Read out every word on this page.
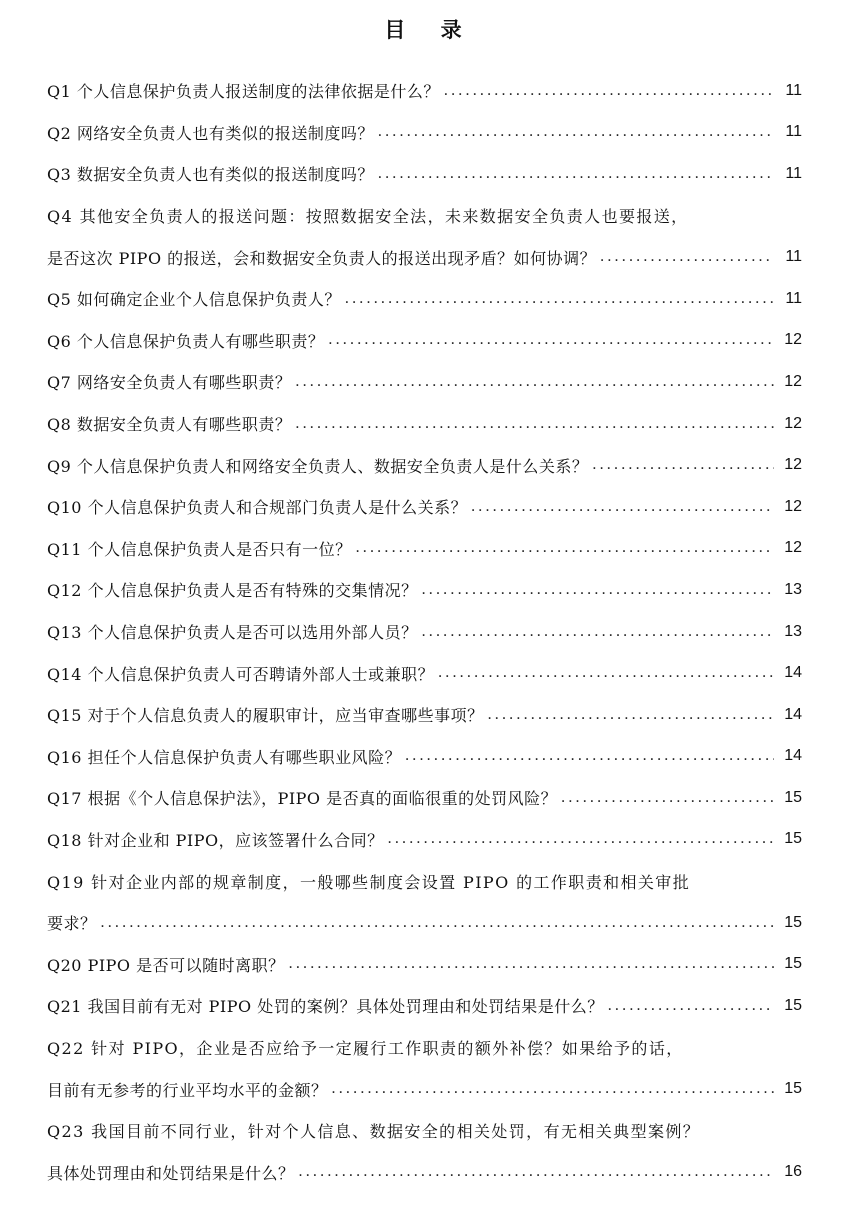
目 录
Q1 个人信息保护负责人报送制度的法律依据是什么？ .....	11
Q2 网络安全负责人也有类似的报送制度吗？ .....	11
Q3 数据安全负责人也有类似的报送制度吗？ .....	11
Q4 其他安全负责人的报送问题：按照数据安全法，未来数据安全负责人也要报送，
是否这次 PIPO 的报送，会和数据安全负责人的报送出现矛盾？如何协调？ .....	11
Q5 如何确定企业个人信息保护负责人？ .....	11
Q6 个人信息保护负责人有哪些职责？ .....	12
Q7 网络安全负责人有哪些职责？ .....	12
Q8 数据安全负责人有哪些职责？ .....	12
Q9 个人信息保护负责人和网络安全负责人、数据安全负责人是什么关系？ .....	12
Q10 个人信息保护负责人和合规部门负责人是什么关系？ .....	12
Q11 个人信息保护负责人是否只有一位？ .....	12
Q12 个人信息保护负责人是否有特殊的交集情况？ .....	13
Q13 个人信息保护负责人是否可以选用外部人员？ .....	13
Q14 个人信息保护负责人可否聘请外部人士或兼职？ .....	14
Q15 对于个人信息负责人的履职审计，应当审查哪些事项？ .....	14
Q16 担任个人信息保护负责人有哪些职业风险？ .....	14
Q17 根据《个人信息保护法》，PIPO 是否真的面临很重的处罚风险？ .....	15
Q18 针对企业和 PIPO，应该签署什么合同？ .....	15
Q19 针对企业内部的规章制度，一般哪些制度会设置 PIPO 的工作职责和相关审批
要求？ .....	15
Q20 PIPO 是否可以随时离职？ .....	15
Q21 我国目前有无对 PIPO 处罚的案例？具体处罚理由和处罚结果是什么？ .....	15
Q22 针对 PIPO，企业是否应给予一定履行工作职责的额外补偿？如果给予的话，
目前有无参考的行业平均水平的金额？ .....	15
Q23 我国目前不同行业，针对个人信息、数据安全的相关处罚，有无相关典型案例？
具体处罚理由和处罚结果是什么？ .....	16
